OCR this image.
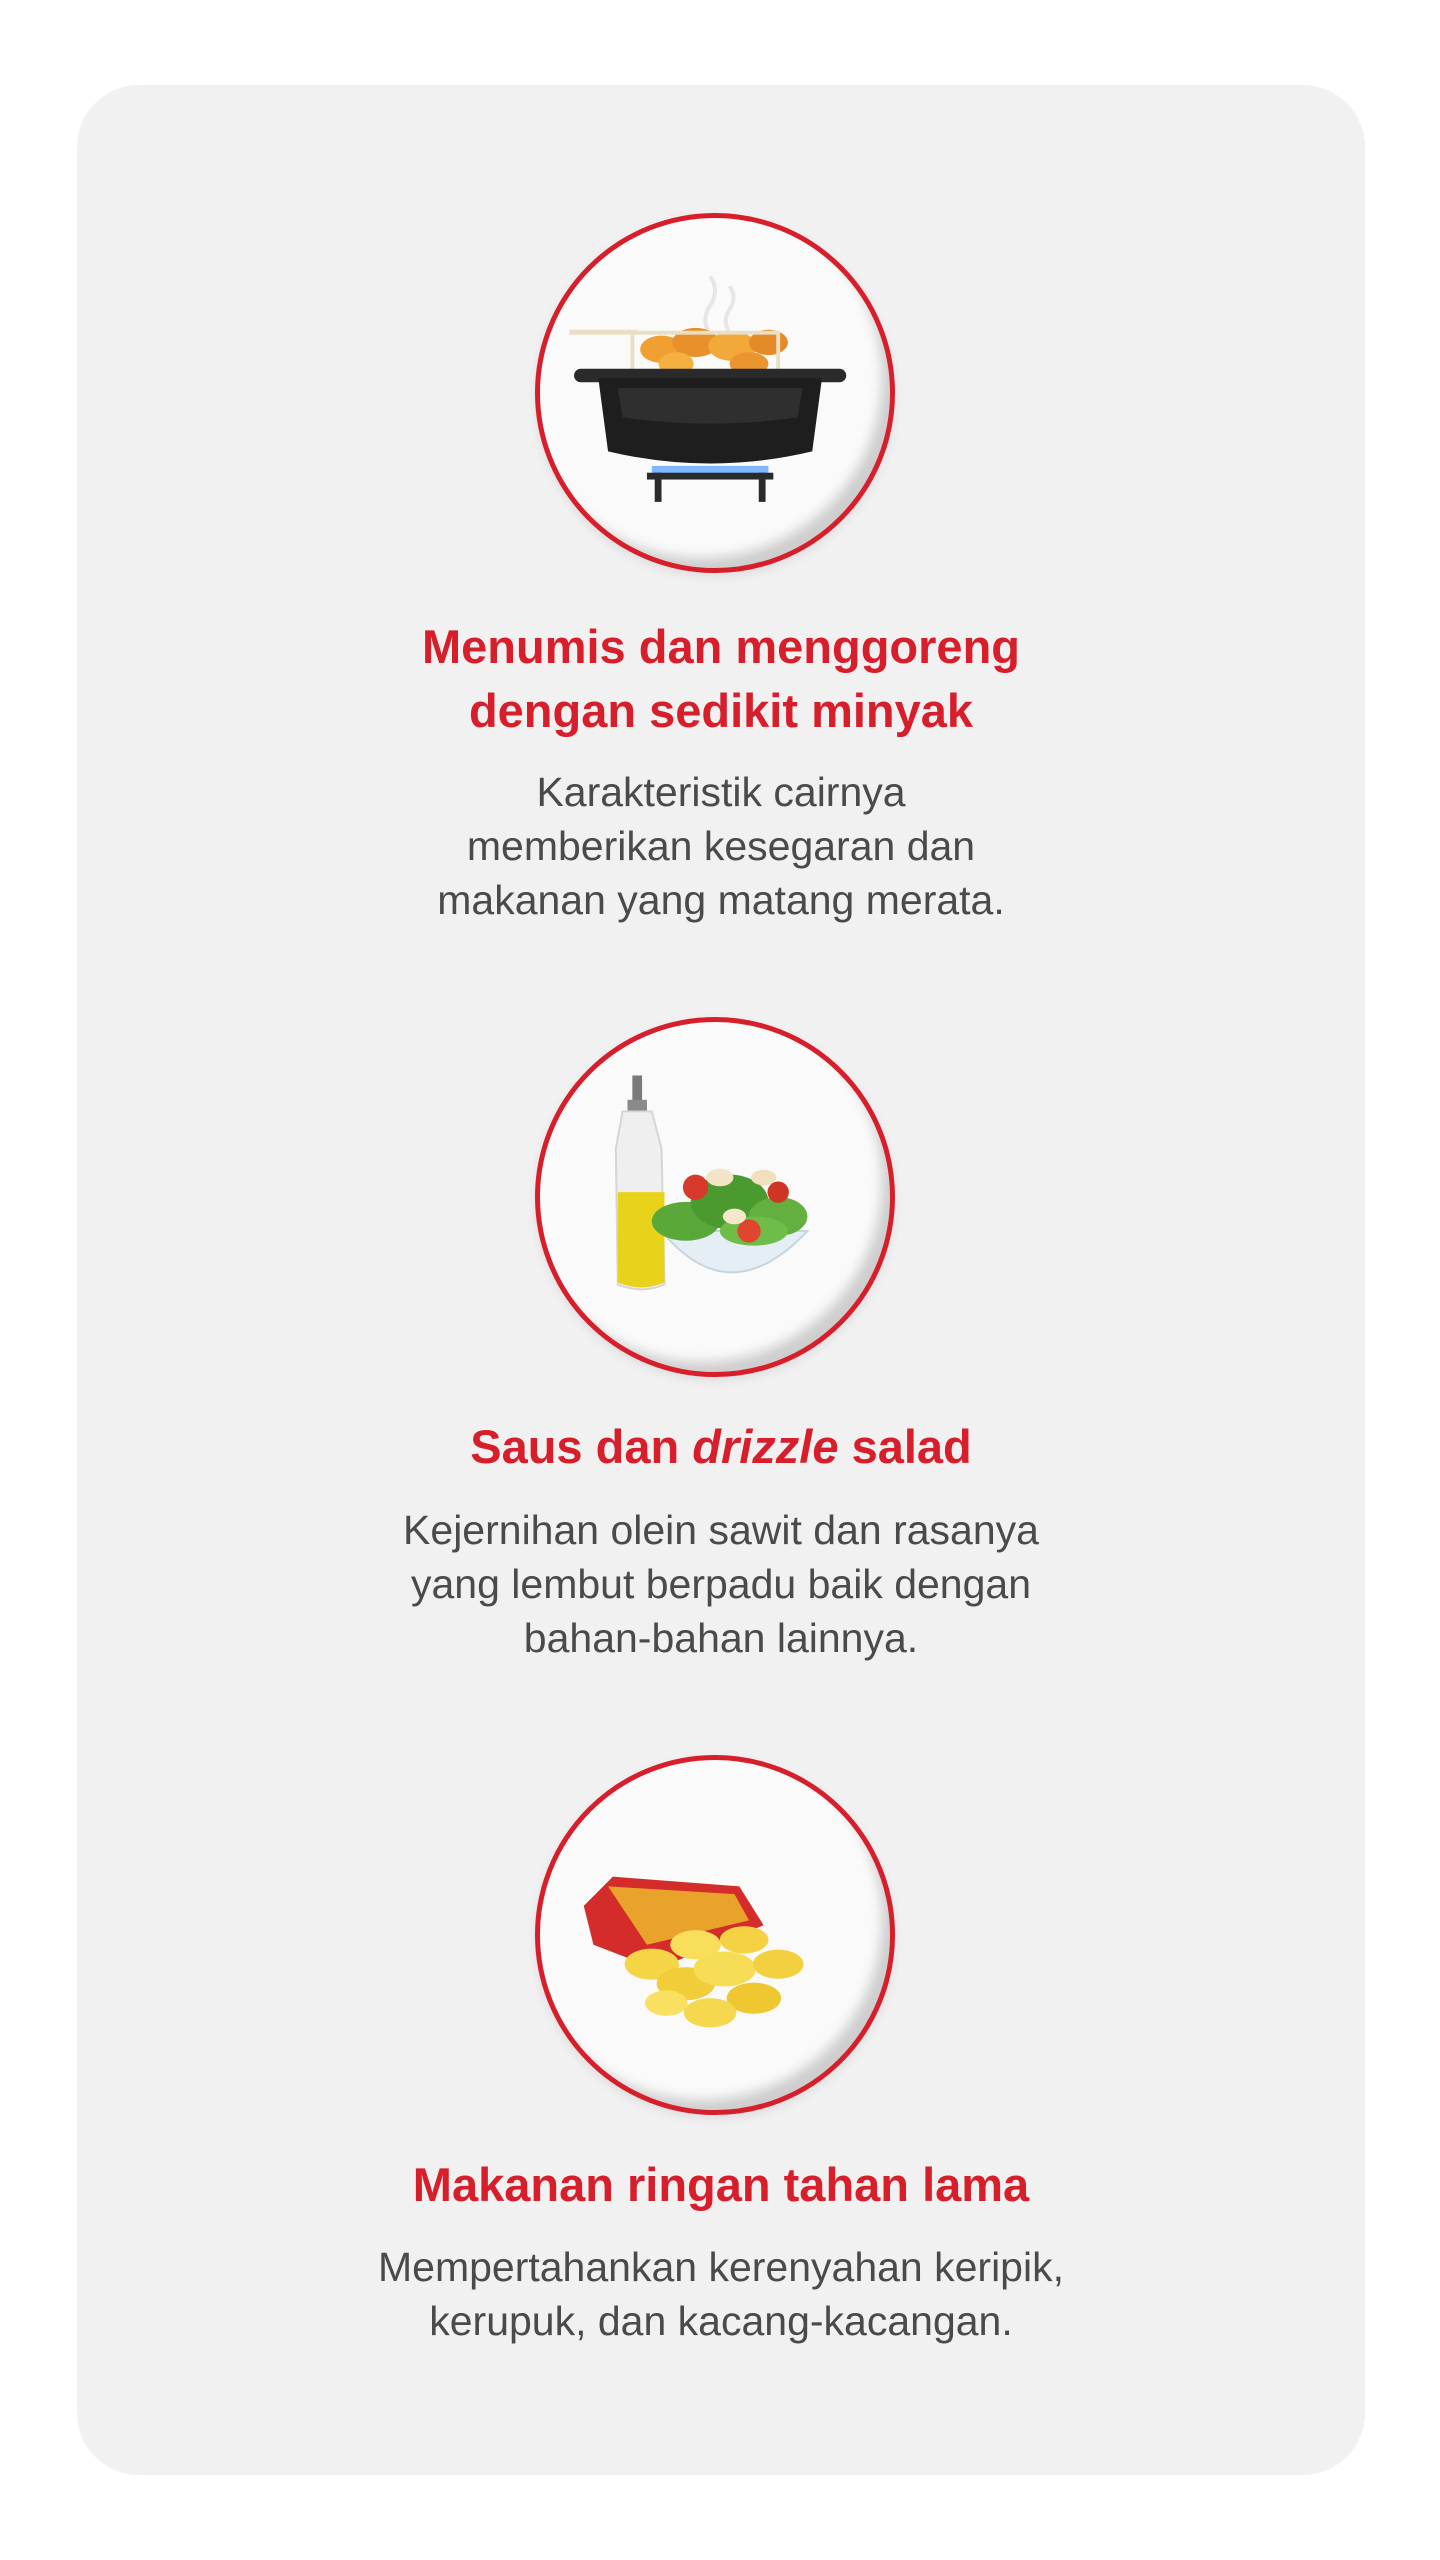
Menumis dan menggoreng
dengan sedikit minyak

Karakteristik cairnya
memberikan kesegaran dan
makanan yang matang merata.

Saus dan drizzle salad

Kejernihan olein sawit dan rasanya
yang lembut berpadu baik dengan
bahan-bahan lainnya.

Makanan ringan tahan lama

Mempertahankan kerenyahan keripik,
kerupuk, dan kacang-kacangan.
